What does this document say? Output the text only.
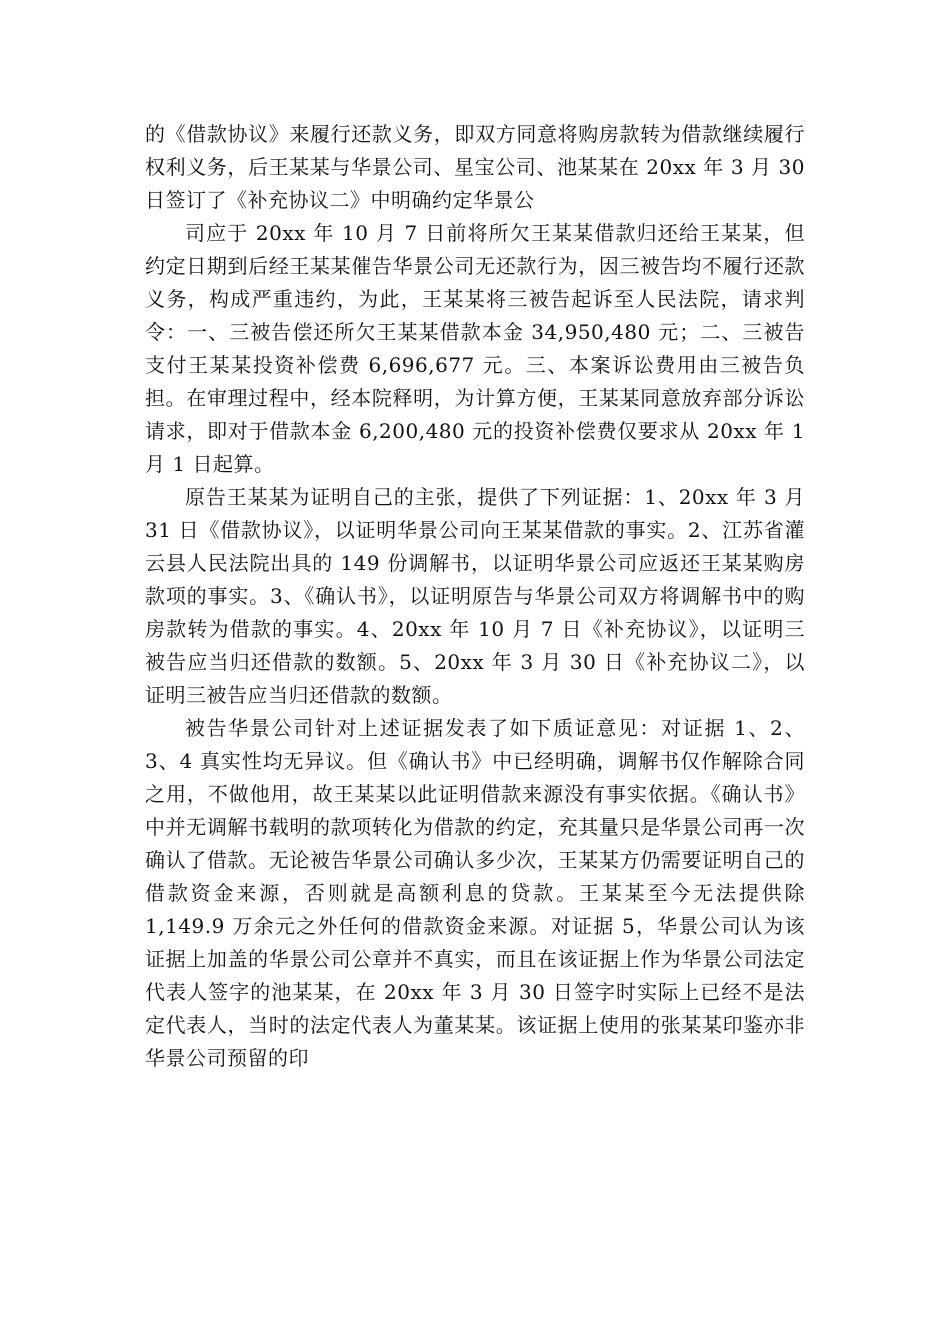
的《借款协议》来履行还款义务，即双方同意将购房款转为借款继续履行权利义务，后王某某与华景公司、星宝公司、池某某在 20xx 年 3 月 30 日签订了《补充协议二》中明确约定华景公

司应于 20xx 年 10 月 7 日前将所欠王某某借款归还给王某某，但约定日期到后经王某某催告华景公司无还款行为，因三被告均不履行还款义务，构成严重违约，为此，王某某将三被告起诉至人民法院，请求判令：一、三被告偿还所欠王某某借款本金 34,950,480 元；二、三被告支付王某某投资补偿费 6,696,677 元。三、本案诉讼费用由三被告负担。在审理过程中，经本院释明，为计算方便，王某某同意放弃部分诉讼请求，即对于借款本金 6,200,480 元的投资补偿费仅要求从 20xx 年 1 月 1 日起算。

原告王某某为证明自己的主张，提供了下列证据：1、20xx 年 3 月 31 日《借款协议》，以证明华景公司向王某某借款的事实。2、江苏省灌云县人民法院出具的 149 份调解书，以证明华景公司应返还王某某购房款项的事实。3、《确认书》，以证明原告与华景公司双方将调解书中的购房款转为借款的事实。4、20xx 年 10 月 7 日《补充协议》，以证明三被告应当归还借款的数额。5、20xx 年 3 月 30 日《补充协议二》，以证明三被告应当归还借款的数额。

被告华景公司针对上述证据发表了如下质证意见：对证据 1、2、3、4 真实性均无异议。但《确认书》中已经明确，调解书仅作解除合同之用，不做他用，故王某某以此证明借款来源没有事实依据。《确认书》中并无调解书载明的款项转化为借款的约定，充其量只是华景公司再一次确认了借款。无论被告华景公司确认多少次，王某某方仍需要证明自己的借款资金来源，否则就是高额利息的贷款。王某某至今无法提供除 1,149.9 万余元之外任何的借款资金来源。对证据 5，华景公司认为该证据上加盖的华景公司公章并不真实，而且在该证据上作为华景公司法定代表人签字的池某某，在 20xx 年 3 月 30 日签字时实际上已经不是法定代表人，当时的法定代表人为董某某。该证据上使用的张某某印鉴亦非华景公司预留的印
